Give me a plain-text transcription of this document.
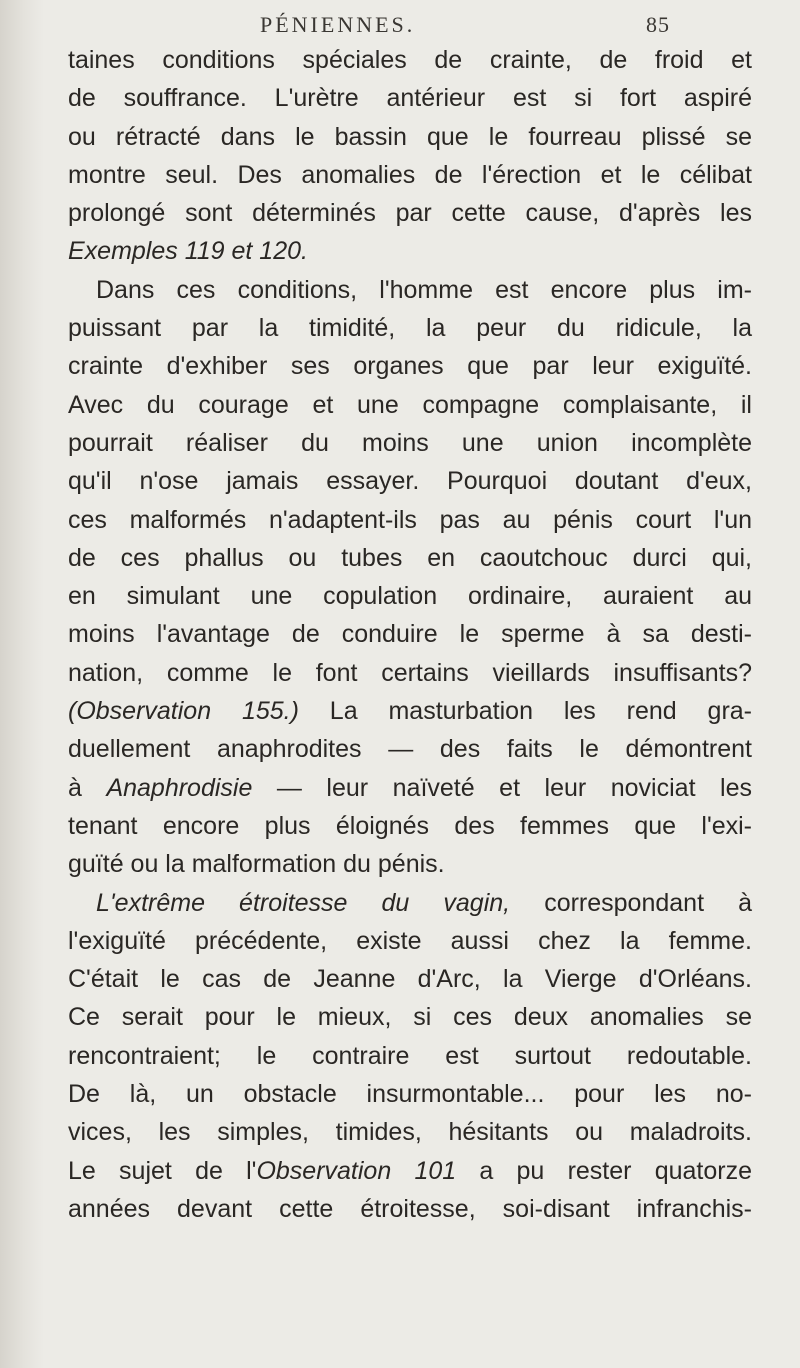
PÉNIENNES.	85
taines conditions spéciales de crainte, de froid et
de souffrance. L'urètre antérieur est si fort aspiré
ou rétracté dans le bassin que le fourreau plissé se
montre seul. Des anomalies de l'érection et le célibat
prolongé sont déterminés par cette cause, d'après les
Exemples 119 et 120.
Dans ces conditions, l'homme est encore plus im-
puissant par la timidité, la peur du ridicule, la
crainte d'exhiber ses organes que par leur exiguïté.
Avec du courage et une compagne complaisante, il
pourrait réaliser du moins une union incomplète
qu'il n'ose jamais essayer. Pourquoi doutant d'eux,
ces malformés n'adaptent-ils pas au pénis court l'un
de ces phallus ou tubes en caoutchouc durci qui,
en simulant une copulation ordinaire, auraient au
moins l'avantage de conduire le sperme à sa desti-
nation, comme le font certains vieillards insuffisants?
(Observation 155.) La masturbation les rend gra-
duellement anaphrodites — des faits le démontrent
à Anaphrodisie — leur naïveté et leur noviciat les
tenant encore plus éloignés des femmes que l'exi-
guïté ou la malformation du pénis.
L'extrême étroitesse du vagin, correspondant à
l'exiguïté précédente, existe aussi chez la femme.
C'était le cas de Jeanne d'Arc, la Vierge d'Orléans.
Ce serait pour le mieux, si ces deux anomalies se
rencontraient; le contraire est surtout redoutable.
De là, un obstacle insurmontable... pour les no-
vices, les simples, timides, hésitants ou maladroits.
Le sujet de l'Observation 101 a pu rester quatorze
années devant cette étroitesse, soi-disant infranchis-
